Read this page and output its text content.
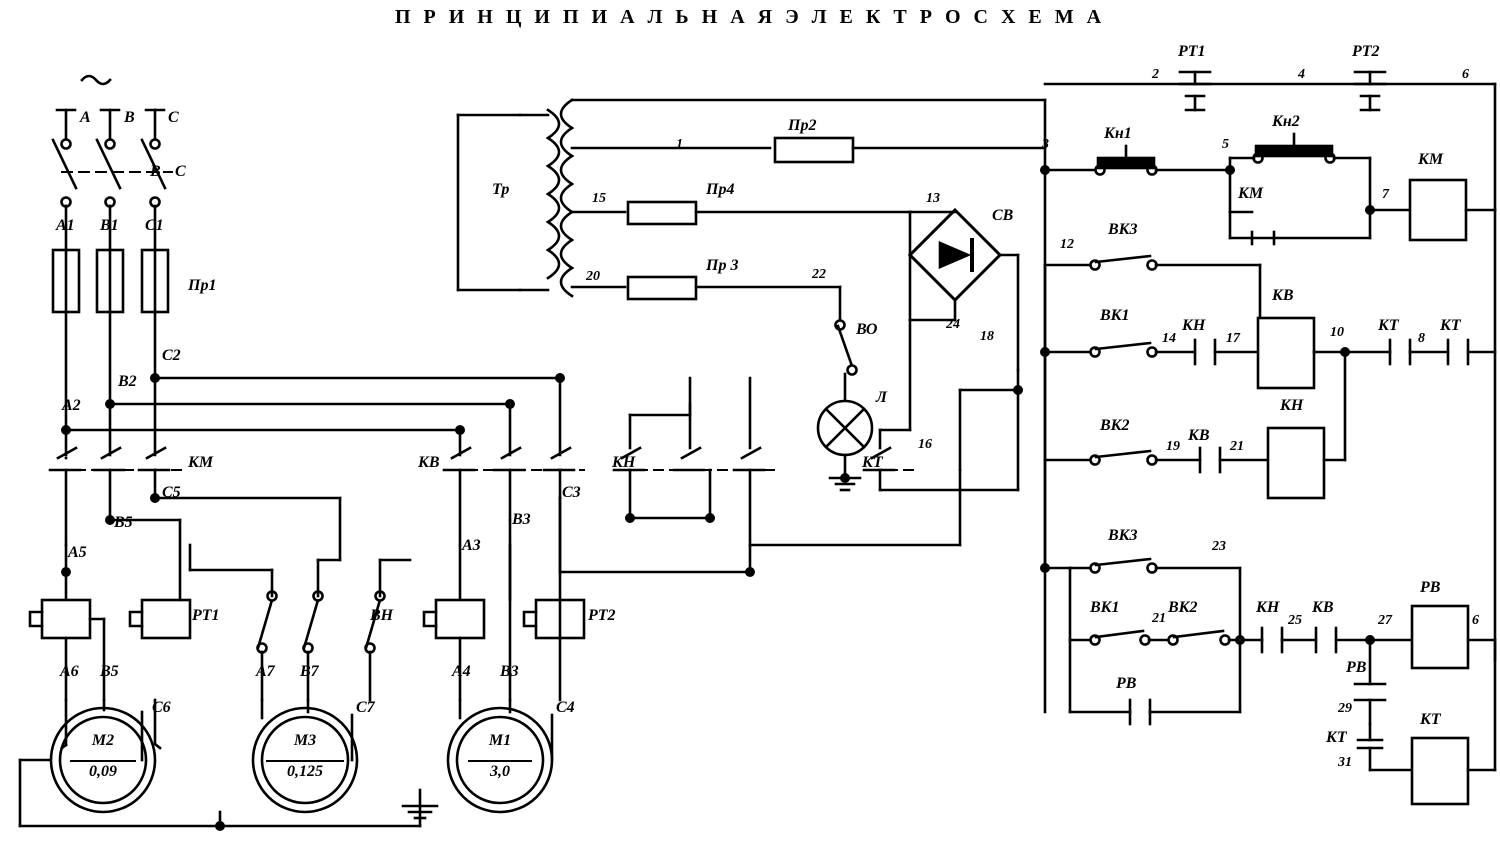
П Р И Н Ц И П И А Л Ь Н А Я Э Л Е К Т Р О С Х Е М А
A B C
B C
A1 B1 C1
Пр1
C2
B2
A2
КМ	КВ	КН	КТ
C5
B5
A5
C3
B3
A3
РТ1	РТ2
ВН
A6 B5
C6
A7 B7
C7
A4 B3
C4
М2
0,09
М3
0,125
М1
3,0
Тр
Пр2
Пр4
Пр 3
СВ
ВО
Л
РТ1	РТ2
Кн1
Кн2
КМ
КМ
ВК3
ВК1
ВК2
КВ
КН
КН	КТ	КТ
КВ
ВК3
ВК1	ВК2
РВ
КН КВ
РВ
РВ
КТ
КТ
1
2
3
4
5
6
7
12
13
15
20	22
24
18
16
14	17	10	8
19	21
23
21	25	27	6
29
31
